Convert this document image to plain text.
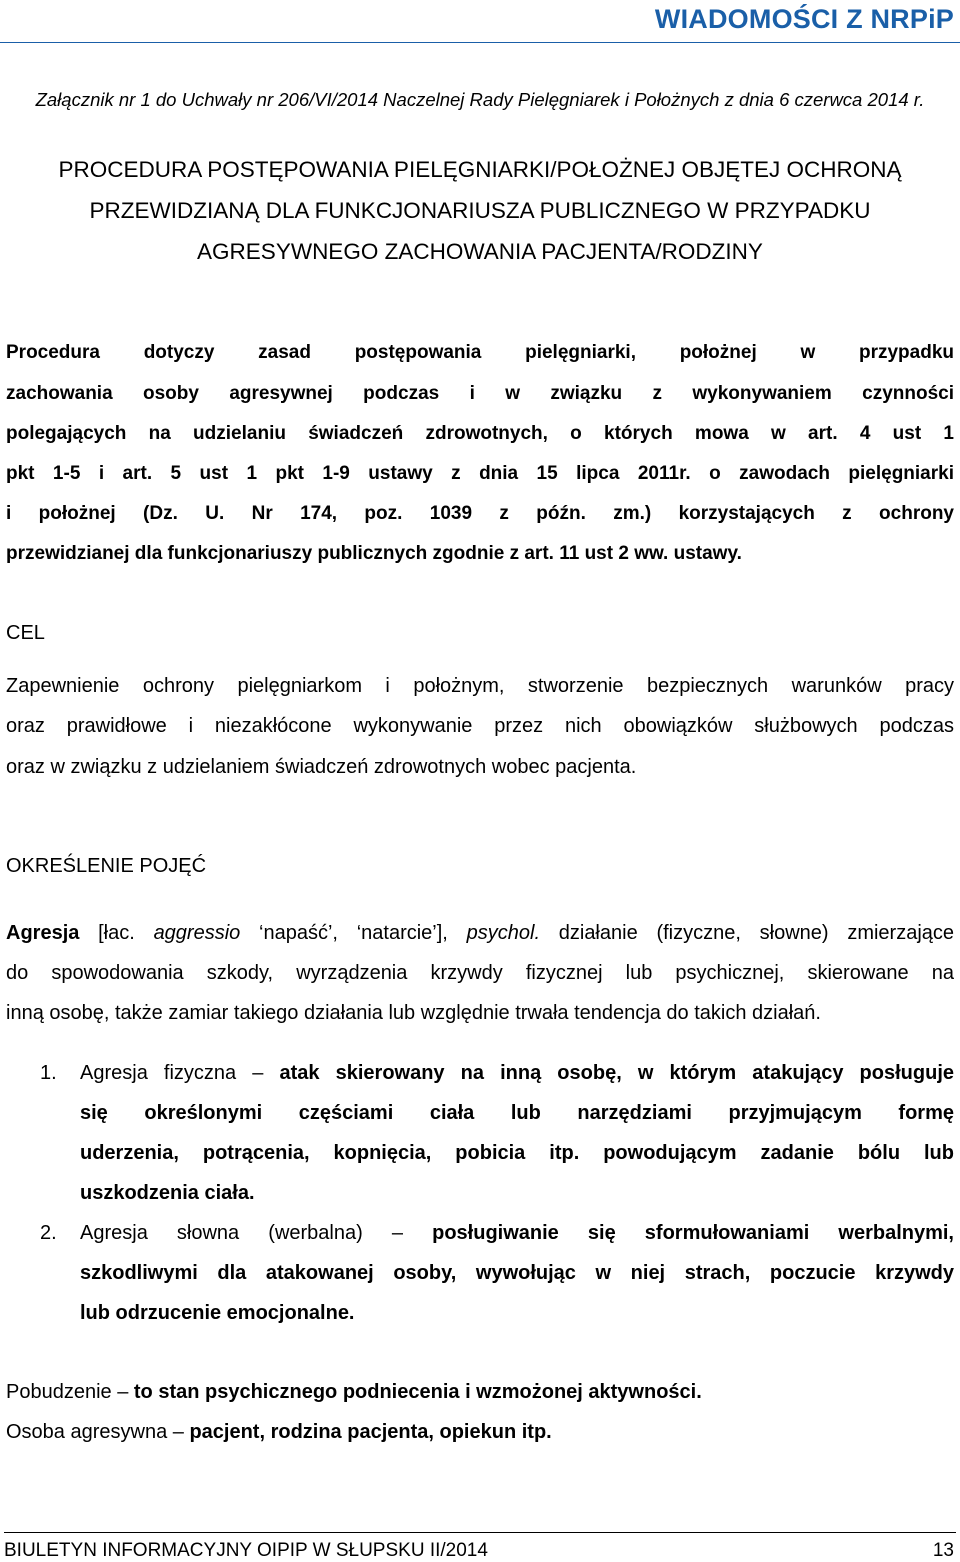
WIADOMOŚCI Z NRPiP
Załącznik nr 1 do Uchwały nr 206/VI/2014 Naczelnej Rady Pielęgniarek i Położnych z dnia 6 czerwca 2014 r.
PROCEDURA POSTĘPOWANIA PIELĘGNIARKI/POŁOŻNEJ OBJĘTEJ OCHRONĄ
PRZEWIDZIANĄ DLA FUNKCJONARIUSZA PUBLICZNEGO W PRZYPADKU
AGRESYWNEGO ZACHOWANIA PACJENTA/RODZINY
Procedura dotyczy zasad postępowania pielęgniarki, położnej w przypadku
zachowania osoby agresywnej podczas i w związku z wykonywaniem czynności
polegających na udzielaniu świadczeń zdrowotnych, o których mowa w art. 4 ust 1
pkt 1-5 i art. 5 ust 1 pkt 1-9 ustawy z dnia 15 lipca 2011r. o zawodach pielęgniarki
i położnej (Dz. U. Nr 174, poz. 1039 z późn. zm.) korzystających z ochrony
przewidzianej dla funkcjonariuszy publicznych zgodnie z art. 11 ust 2 ww. ustawy.
CEL
Zapewnienie ochrony pielęgniarkom i położnym, stworzenie bezpiecznych warunków pracy
oraz prawidłowe i niezakłócone wykonywanie przez nich obowiązków służbowych podczas
oraz w związku z udzielaniem świadczeń zdrowotnych wobec pacjenta.
OKREŚLENIE POJĘĆ
Agresja [łac. aggressio ‘napaść’, ‘natarcie’], psychol. działanie (fizyczne, słowne) zmierzające
do spowodowania szkody, wyrządzenia krzywdy fizycznej lub psychicznej, skierowane na
inną osobę, także zamiar takiego działania lub względnie trwała tendencja do takich działań.
1. Agresja fizyczna – atak skierowany na inną osobę, w którym atakujący posługuje
się określonymi częściami ciała lub narzędziami przyjmującym formę
uderzenia, potrącenia, kopnięcia, pobicia itp. powodującym zadanie bólu lub
uszkodzenia ciała.
2. Agresja słowna (werbalna) – posługiwanie się sformułowaniami werbalnymi,
szkodliwymi dla atakowanej osoby, wywołując w niej strach, poczucie krzywdy
lub odrzucenie emocjonalne.
Pobudzenie – to stan psychicznego podniecenia i wzmożonej aktywności.
Osoba agresywna – pacjent, rodzina pacjenta, opiekun itp.
BIULETYN INFORMACYJNY OIPIP W SŁUPSKU II/2014	13
